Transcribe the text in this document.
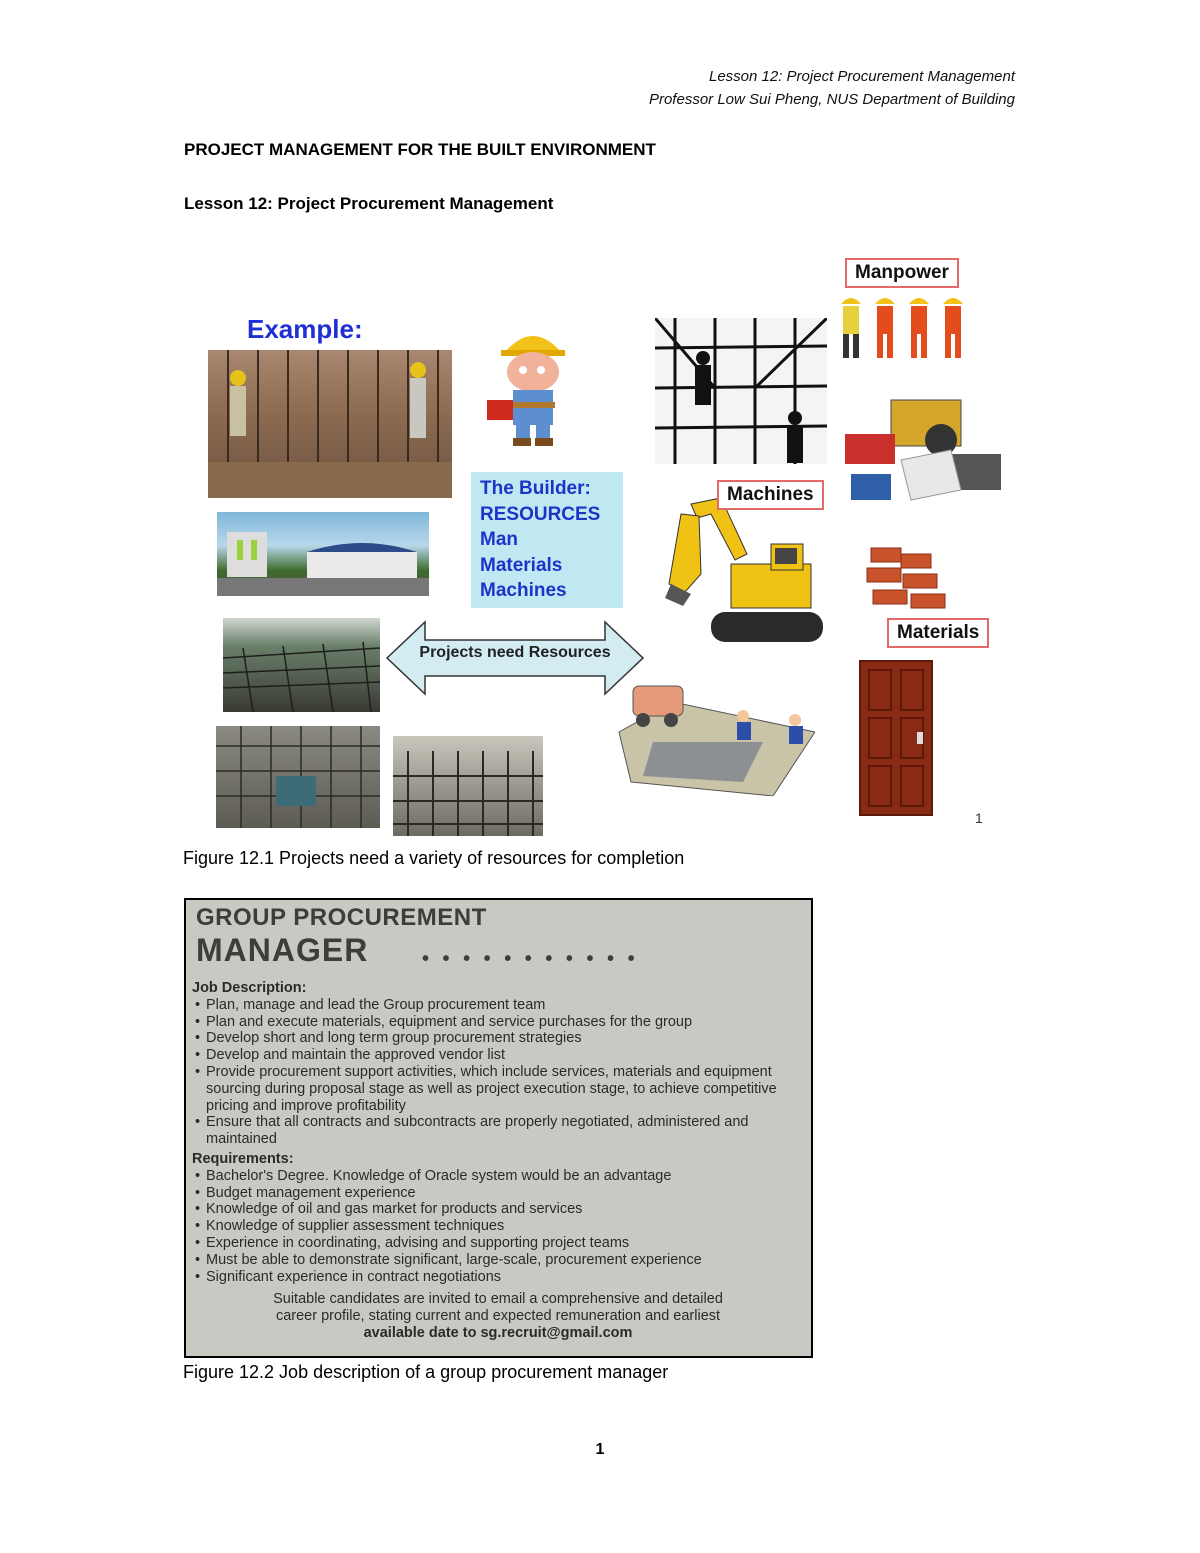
Lesson 12: Project Procurement Management
Professor Low Sui Pheng, NUS Department of Building
PROJECT MANAGEMENT FOR THE BUILT ENVIRONMENT
Lesson 12: Project Procurement Management
Example:
The Builder:
RESOURCES
Man
Materials
Machines
Projects need Resources
Machines
Manpower
Materials
1
Figure 12.1 Projects need a variety of resources for completion
GROUP PROCUREMENT
MANAGER	• • • • • • • • • • •
Job Description:
• Plan, manage and lead the Group procurement team
• Plan and execute materials, equipment and service purchases for the group
• Develop short and long term group procurement strategies
• Develop and maintain the approved vendor list
• Provide procurement support activities, which include services, materials and equipment sourcing during proposal stage as well as project execution stage, to achieve competitive pricing and improve profitability
• Ensure that all contracts and subcontracts are properly negotiated, administered and maintained
Requirements:
• Bachelor's Degree. Knowledge of Oracle system would be an advantage
• Budget management experience
• Knowledge of oil and gas market for products and services
• Knowledge of supplier assessment techniques
• Experience in coordinating, advising and supporting project teams
• Must be able to demonstrate significant, large-scale, procurement experience
• Significant experience in contract negotiations
Suitable candidates are invited to email a comprehensive and detailed
career profile, stating current and expected remuneration and earliest
available date to sg.recruit@gmail.com
Figure 12.2 Job description of a group procurement manager
1
